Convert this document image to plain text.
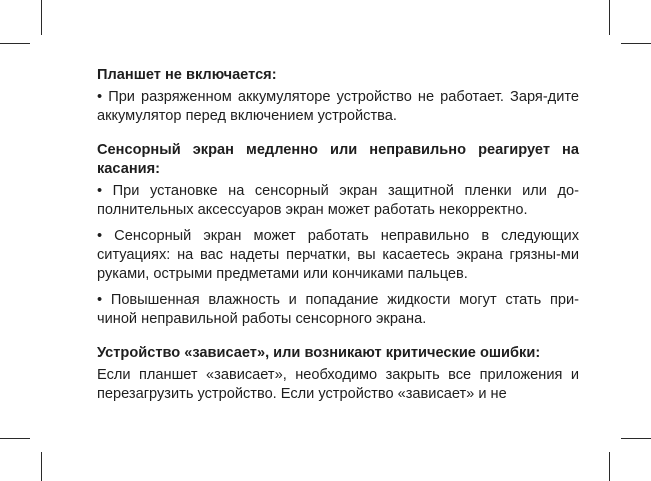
Планшет не включается:
• При разряженном аккумуляторе устройство не работает. Заря-дите аккумулятор перед включением устройства.
Сенсорный экран медленно или неправильно реагирует на касания:
• При установке на сенсорный экран защитной пленки или до-полнительных аксессуаров экран может работать некорректно.
• Сенсорный экран может работать неправильно в следующих ситуациях: на вас надеты перчатки, вы касаетесь экрана грязны-ми руками, острыми предметами или кончиками пальцев.
• Повышенная влажность и попадание жидкости могут стать при-чиной неправильной работы сенсорного экрана.
Устройство «зависает», или возникают критические ошибки:
Если планшет «зависает», необходимо закрыть все приложения и перезагрузить устройство. Если устройство «зависает» и не
